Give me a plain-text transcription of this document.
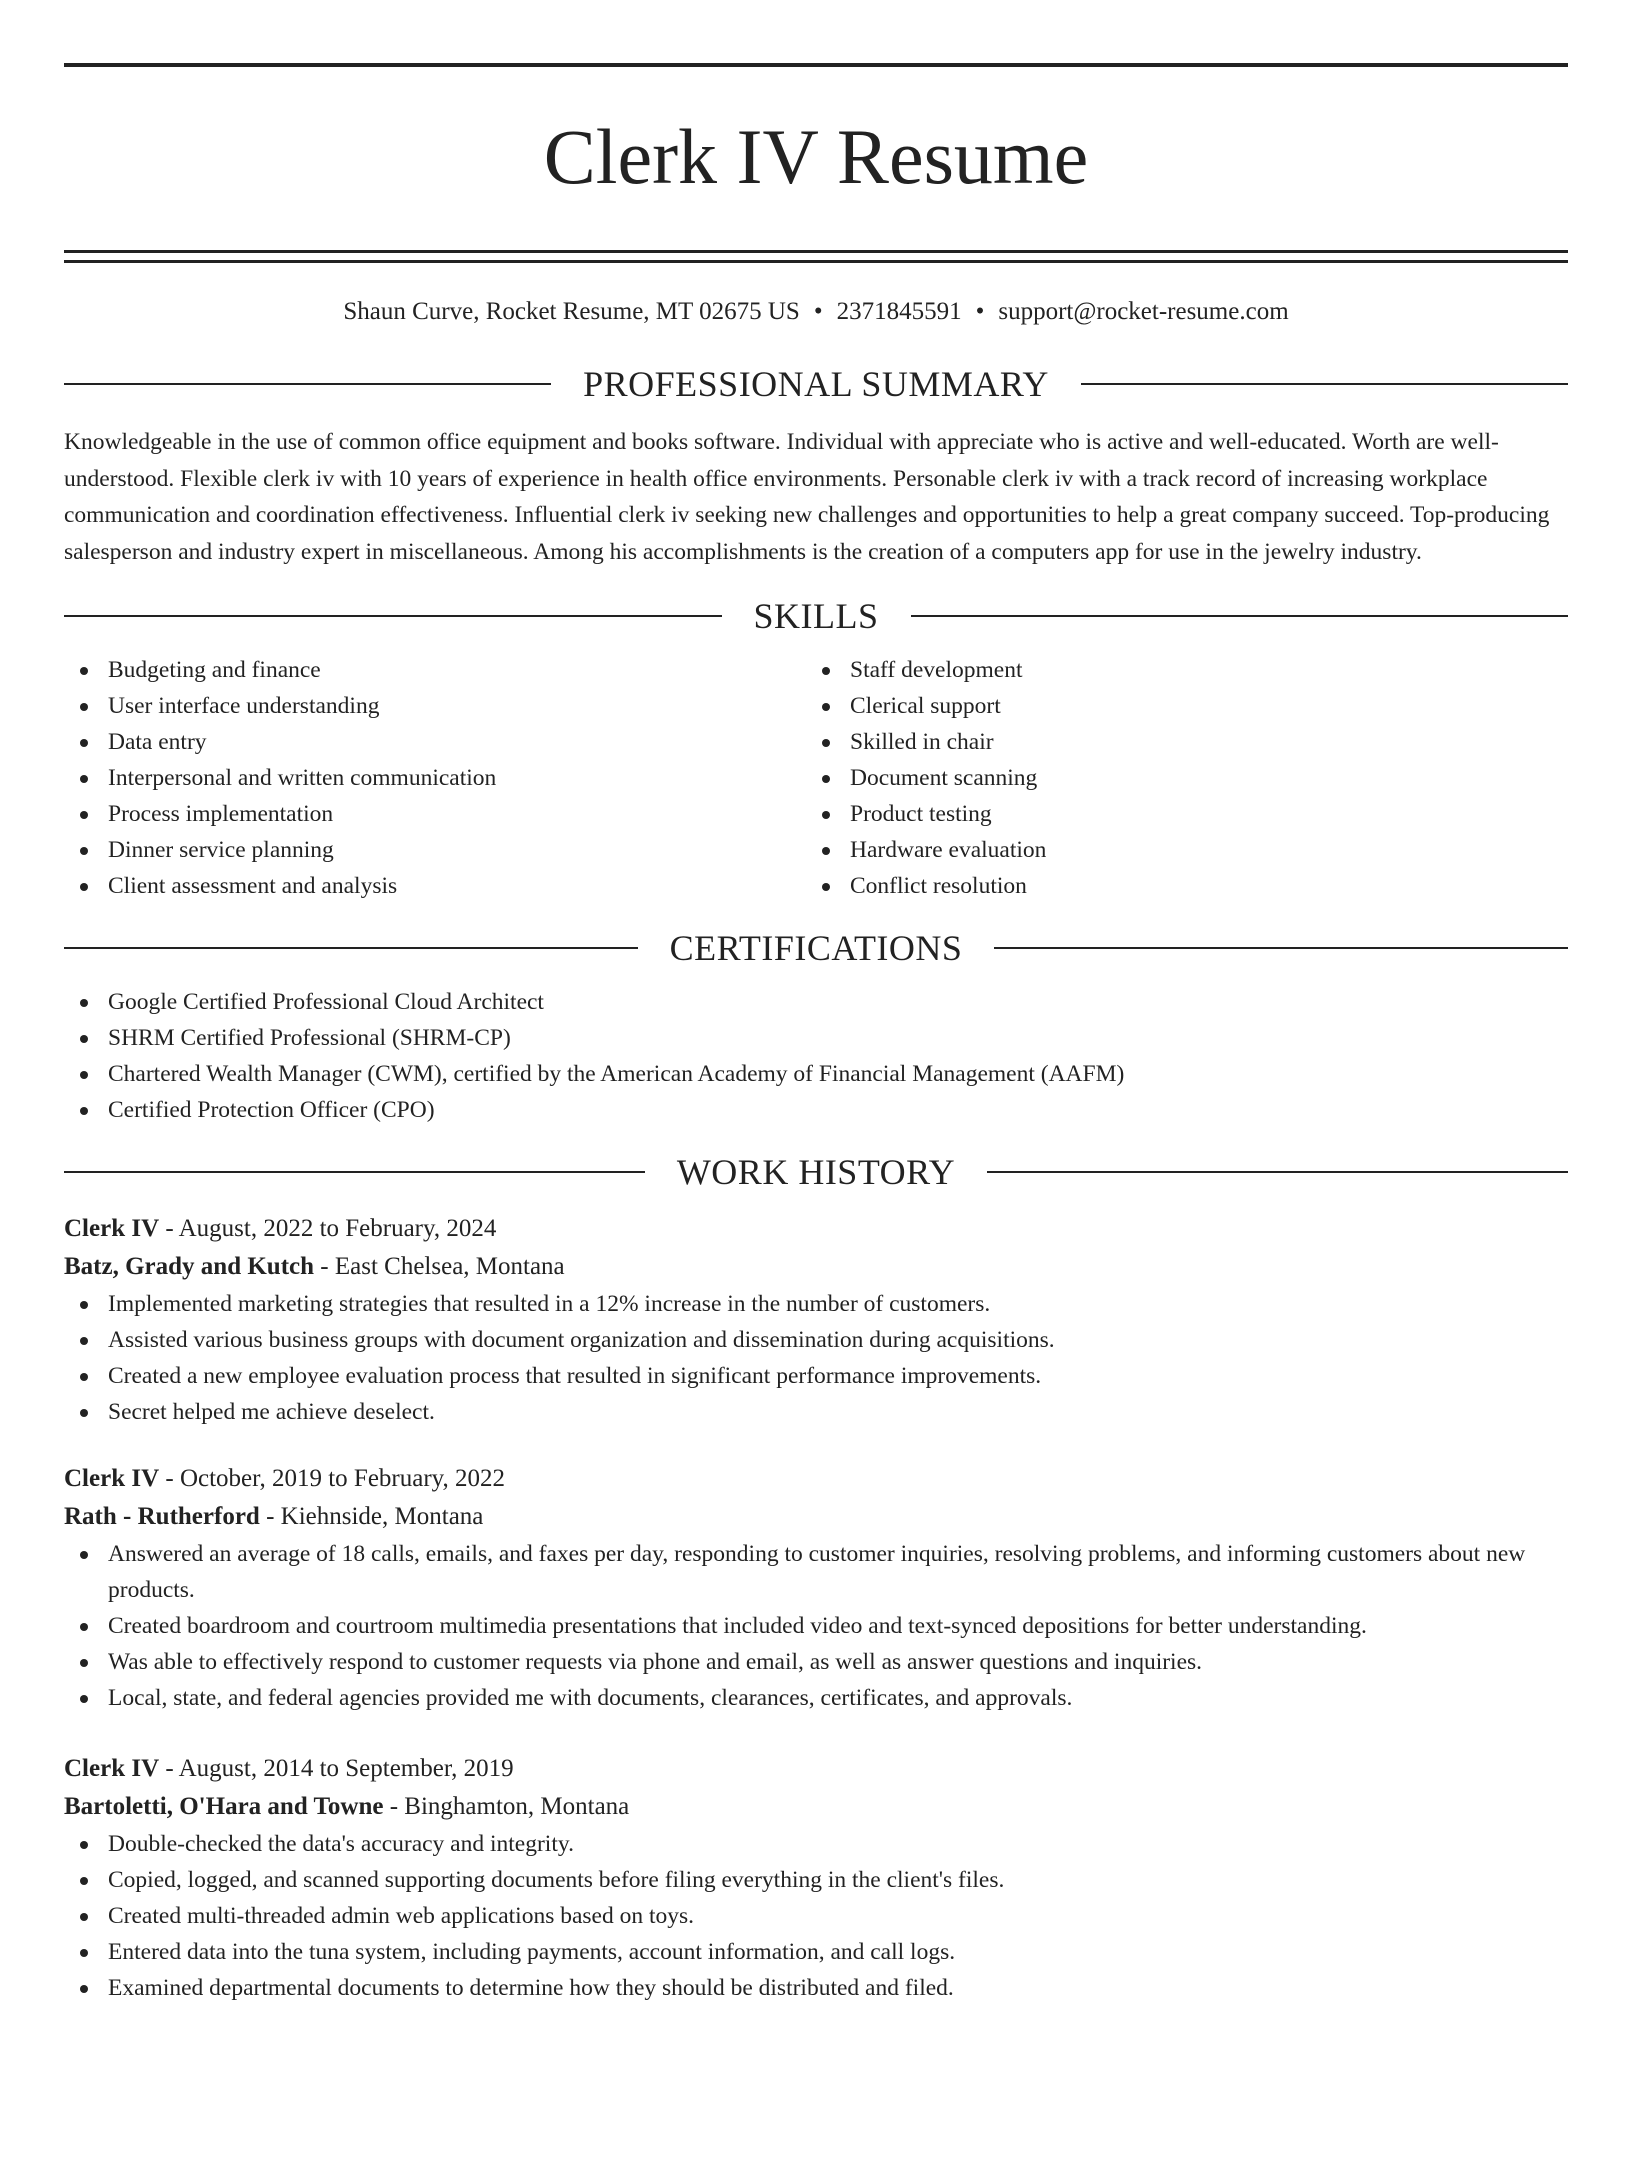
Clerk IV Resume
Shaun Curve, Rocket Resume, MT 02675 US • 2371845591 • support@rocket-resume.com
PROFESSIONAL SUMMARY

Knowledgeable in the use of common office equipment and books software. Individual with appreciate who is active and well-educated. Worth are well-understood. Flexible clerk iv with 10 years of experience in health office environments. Personable clerk iv with a track record of increasing workplace communication and coordination effectiveness. Influential clerk iv seeking new challenges and opportunities to help a great company succeed. Top-producing salesperson and industry expert in miscellaneous. Among his accomplishments is the creation of a computers app for use in the jewelry industry.

SKILLS
Budgeting and finance
User interface understanding
Data entry
Interpersonal and written communication
Process implementation
Dinner service planning
Client assessment and analysis
Staff development
Clerical support
Skilled in chair
Document scanning
Product testing
Hardware evaluation
Conflict resolution
CERTIFICATIONS
Google Certified Professional Cloud Architect
SHRM Certified Professional (SHRM-CP)
Chartered Wealth Manager (CWM), certified by the American Academy of Financial Management (AAFM)
Certified Protection Officer (CPO)
WORK HISTORY
Clerk IV - August, 2022 to February, 2024
Batz, Grady and Kutch - East Chelsea, Montana
Implemented marketing strategies that resulted in a 12% increase in the number of customers.
Assisted various business groups with document organization and dissemination during acquisitions.
Created a new employee evaluation process that resulted in significant performance improvements.
Secret helped me achieve deselect.
Clerk IV - October, 2019 to February, 2022
Rath - Rutherford - Kiehnside, Montana
Answered an average of 18 calls, emails, and faxes per day, responding to customer inquiries, resolving problems, and informing customers about new products.
Created boardroom and courtroom multimedia presentations that included video and text-synced depositions for better understanding.
Was able to effectively respond to customer requests via phone and email, as well as answer questions and inquiries.
Local, state, and federal agencies provided me with documents, clearances, certificates, and approvals.
Clerk IV - August, 2014 to September, 2019
Bartoletti, O'Hara and Towne - Binghamton, Montana
Double-checked the data's accuracy and integrity.
Copied, logged, and scanned supporting documents before filing everything in the client's files.
Created multi-threaded admin web applications based on toys.
Entered data into the tuna system, including payments, account information, and call logs.
Examined departmental documents to determine how they should be distributed and filed.
